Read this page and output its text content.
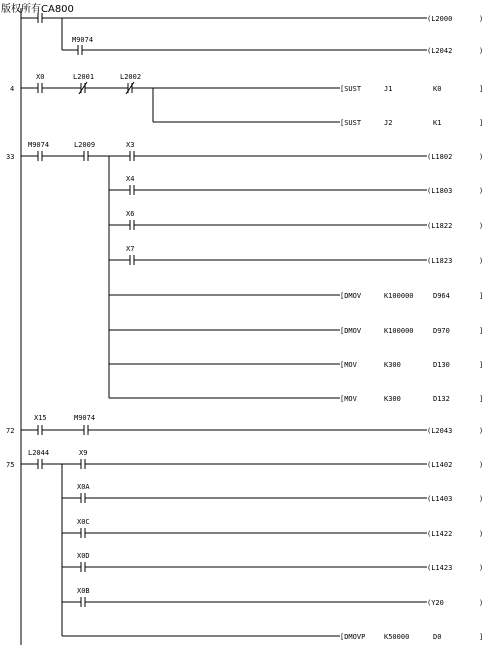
版权所有CA800
M9074
(L2000
(L2042
)
)
4
X0	L2001	L2002
[SUST	J1	K0
[SUST	J2	K1
]
]
33
M9074	L2009	X3
X4
X6
X7
(L1802
(L1803
(L1822
(L1823
)
)
)
)
[DMOV	K100000	D964
[DMOV	K100000	D970
[MOV	K300	D130
[MOV	K300	D132
]
]
]
]
72
X15	M9074
(L2043	)
75
L2044	X9
X0A
X0C
X0D
X0B
(L1402
(L1403
(L1422
(L1423
(Y20
)
)
)
)
)
[DMOVP	K50000	D0	]
